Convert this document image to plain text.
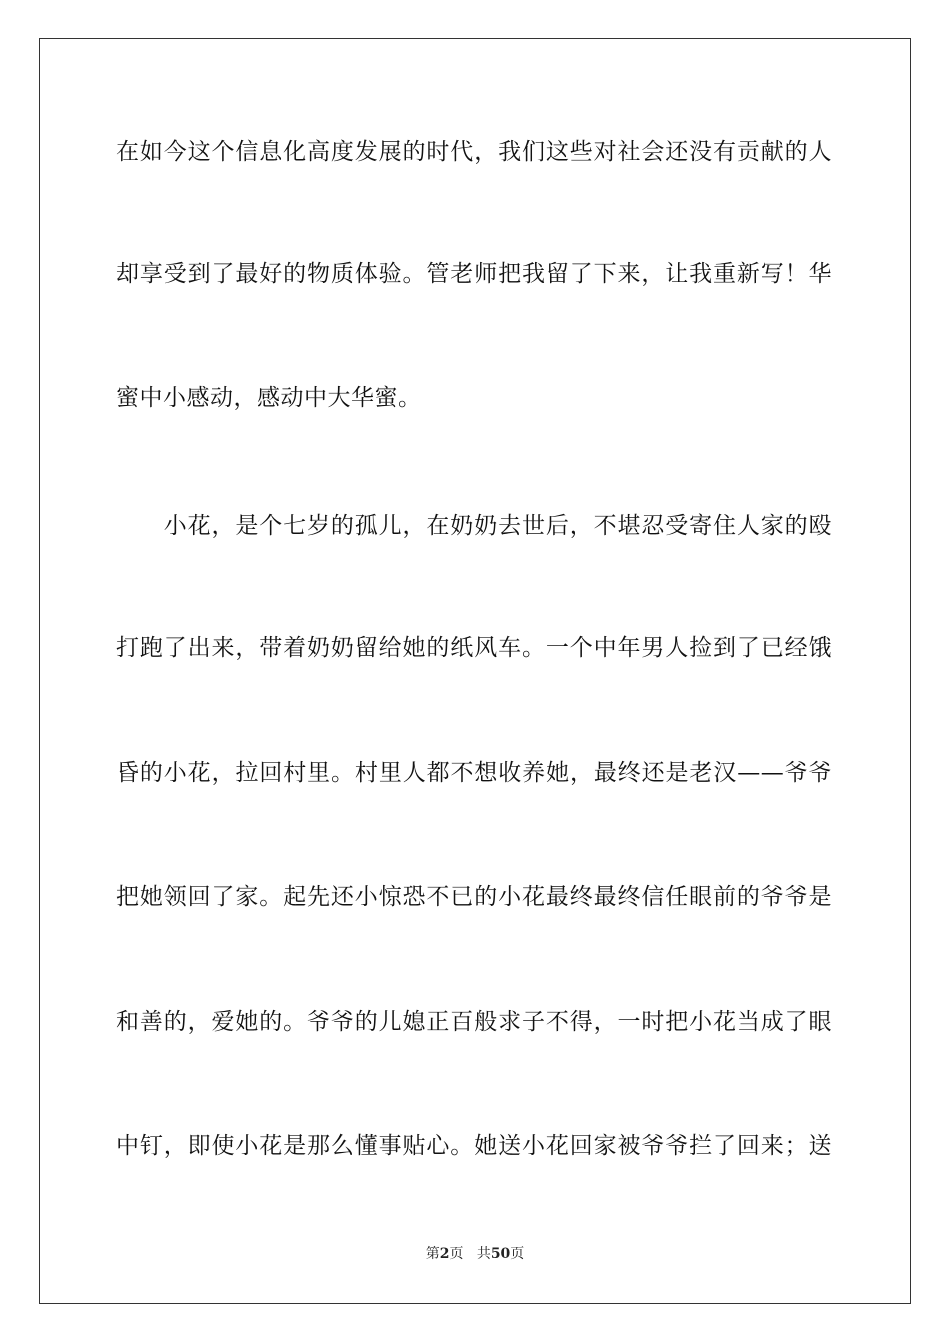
在如今这个信息化高度发展的时代，我们这些对社会还没有贡献的人
却享受到了最好的物质体验。管老师把我留了下来，让我重新写！华
蜜中小感动，感动中大华蜜。
　　小花，是个七岁的孤儿，在奶奶去世后，不堪忍受寄住人家的殴
打跑了出来，带着奶奶留给她的纸风车。一个中年男人捡到了已经饿
昏的小花，拉回村里。村里人都不想收养她，最终还是老汉——爷爷
把她领回了家。起先还小惊恐不已的小花最终最终信任眼前的爷爷是
和善的，爱她的。爷爷的儿媳正百般求子不得，一时把小花当成了眼
中钉，即使小花是那么懂事贴心。她送小花回家被爷爷拦了回来；送
第2页 共50页
